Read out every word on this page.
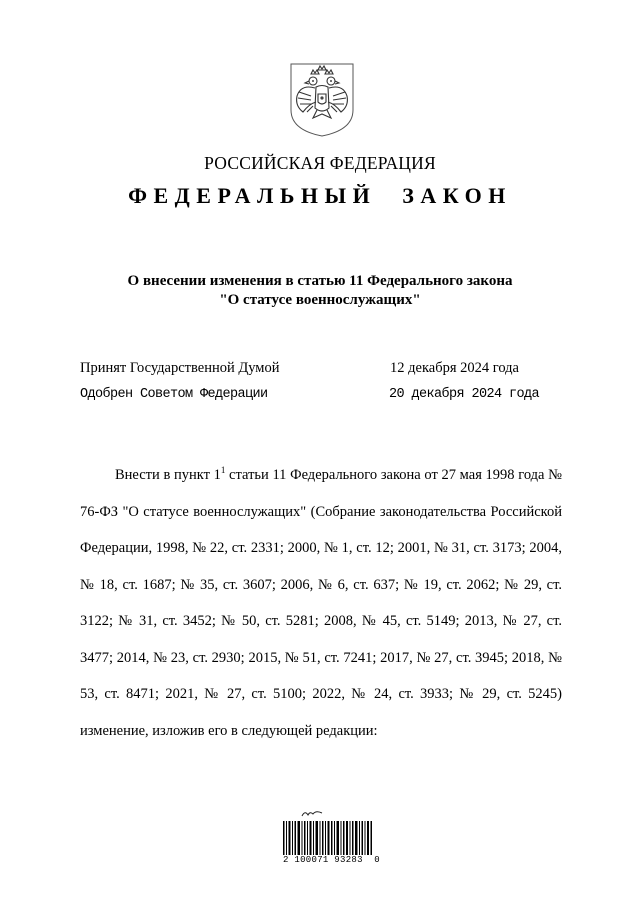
РОССИЙСКАЯ ФЕДЕРАЦИЯ
ФЕДЕРАЛЬНЫЙ ЗАКОН
О внесении изменения в статью 11 Федерального закона
"О статусе военнослужащих"
Принят Государственной Думой	12 декабря 2024 года
Одобрен Советом Федерации	20 декабря 2024 года
Внести в пункт $1^1$ статьи 11 Федерального закона от 27 мая 1998 года № 76-ФЗ "О статусе военнослужащих" (Собрание законодательства Российской Федерации, 1998, № 22, ст. 2331; 2000, № 1, ст. 12; 2001, № 31, ст. 3173; 2004, № 18, ст. 1687; № 35, ст. 3607; 2006, № 6, ст. 637; № 19, ст. 2062; № 29, ст. 3122; № 31, ст. 3452; № 50, ст. 5281; 2008, № 45, ст. 5149; 2013, № 27, ст. 3477; 2014, № 23, ст. 2930; 2015, № 51, ст. 7241; 2017, № 27, ст. 3945; 2018, № 53, ст. 8471; 2021, № 27, ст. 5100; 2022, № 24, ст. 3933; № 29, ст. 5245) изменение, изложив его в следующей редакции:
2 100071 93283  0
